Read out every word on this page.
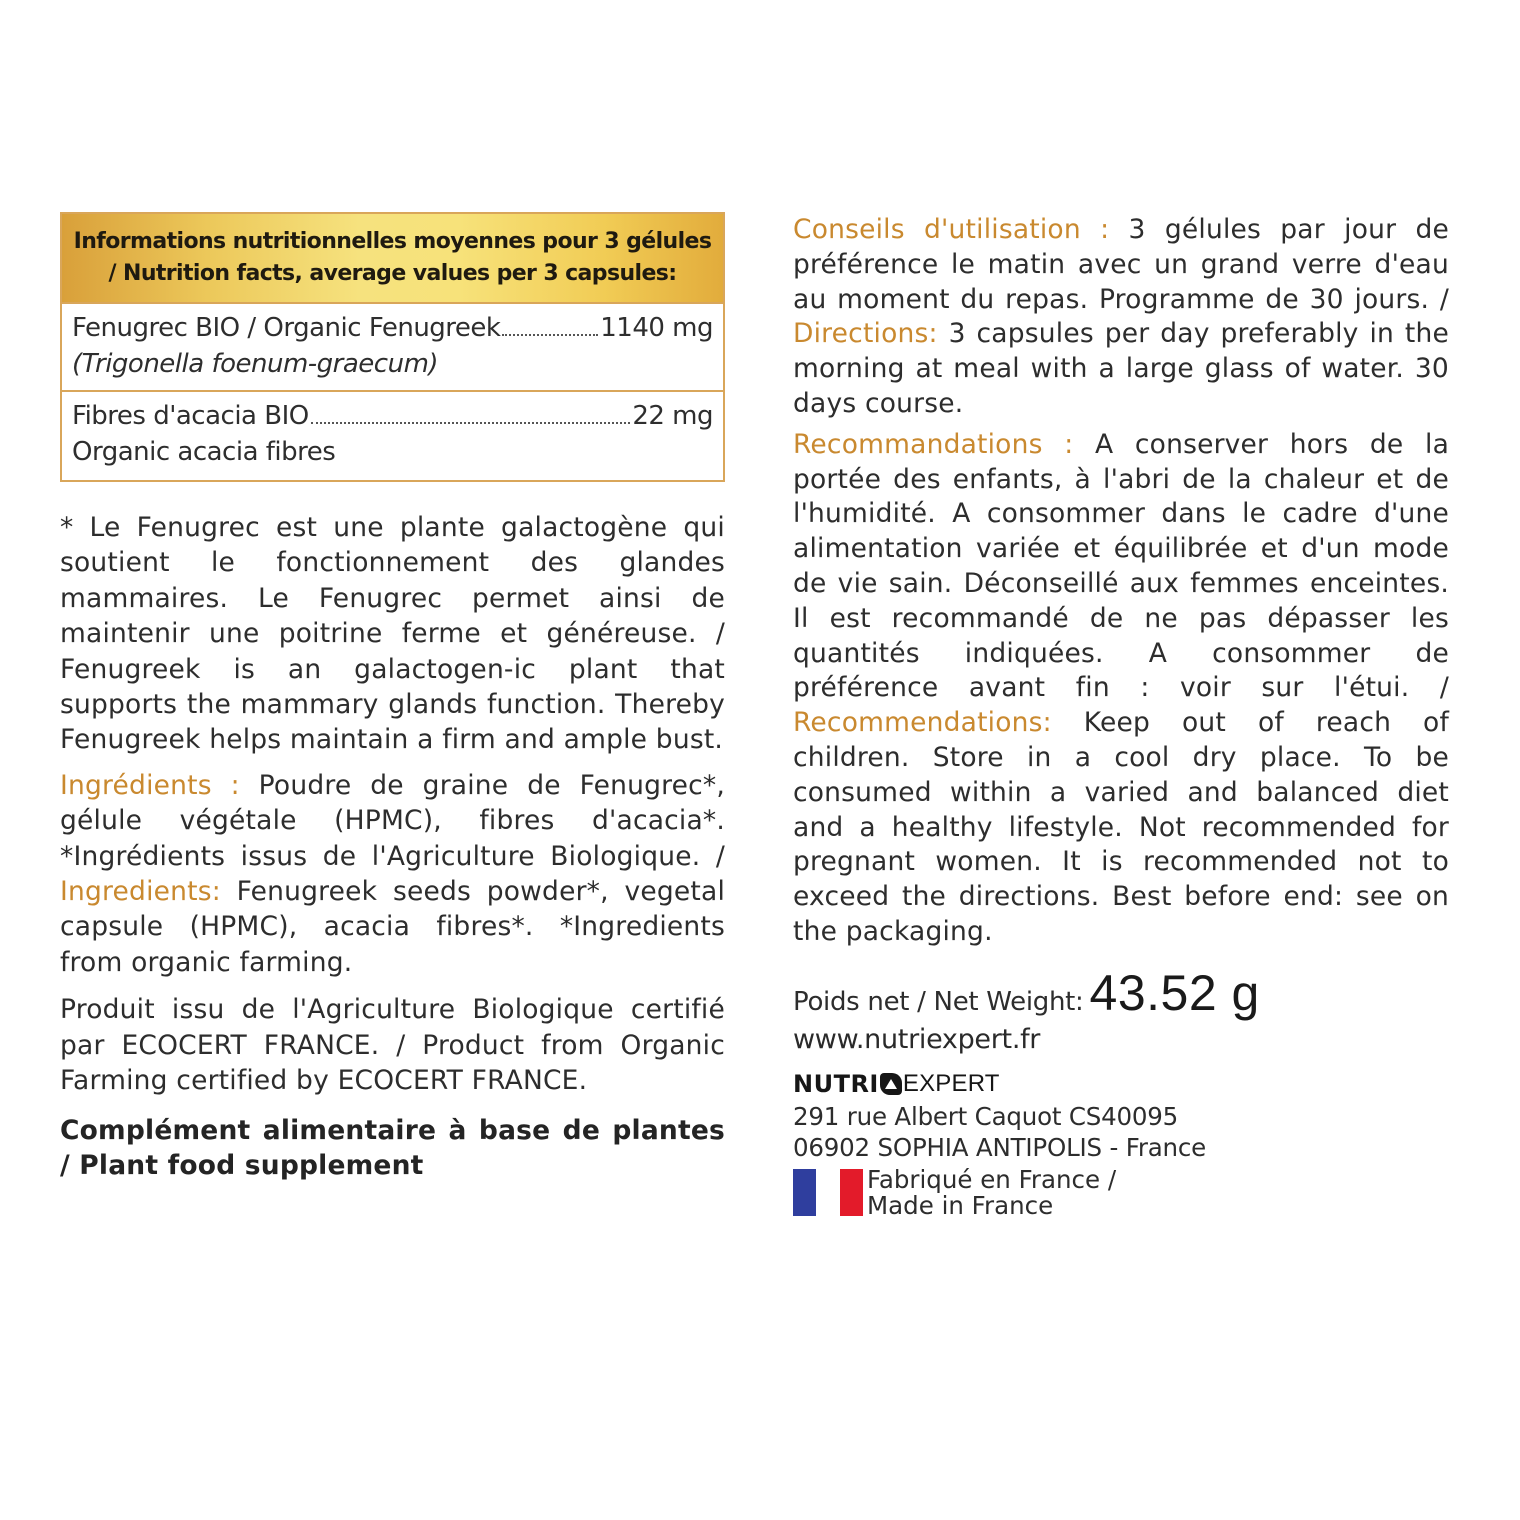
Informations nutritionnelles moyennes pour 3 gélules
/ Nutrition facts, average values per 3 capsules:
Fenugrec BIO / Organic Fenugreek	1140 mg
(Trigonella foenum-graecum)
Fibres d'acacia BIO	22 mg
Organic acacia fibres

* Le Fenugrec est une plante galactogène qui soutient le fonctionnement des glandes mammaires. Le Fenugrec permet ainsi de maintenir une poitrine ferme et généreuse. / Fenugreek is an galactogen-ic plant that supports the mammary glands function. Thereby Fenugreek helps maintain a firm and ample bust.

Ingrédients : Poudre de graine de Fenugrec*, gélule végétale (HPMC), fibres d'acacia*. *Ingrédients issus de l'Agriculture Biologique. / Ingredients: Fenugreek seeds powder*, vegetal capsule (HPMC), acacia fibres*. *Ingredients from organic farming.

Produit issu de l'Agriculture Biologique certifié par ECOCERT FRANCE. / Product from Organic Farming certified by ECOCERT FRANCE.

Complément alimentaire à base de plantes / Plant food supplement

Conseils d'utilisation : 3 gélules par jour de préférence le matin avec un grand verre d'eau au moment du repas. Programme de 30 jours. / Directions: 3 capsules per day preferably in the morning at meal with a large glass of water. 30 days course.

Recommandations : A conserver hors de la portée des enfants, à l'abri de la chaleur et de l'humidité. A consommer dans le cadre d'une alimentation variée et équilibrée et d'un mode de vie sain. Déconseillé aux femmes enceintes. Il est recommandé de ne pas dépasser les quantités indiquées. A consommer de préférence avant fin : voir sur l'étui. / Recommendations: Keep out of reach of children. Store in a cool dry place. To be consumed within a varied and balanced diet and a healthy lifestyle. Not recommended for pregnant women. It is recommended not to exceed the directions. Best before end: see on the packaging.

Poids net / Net Weight: 43.52 g
www.nutriexpert.fr
NUTRI EXPERT
291 rue Albert Caquot CS40095
06902 SOPHIA ANTIPOLIS - France
Fabriqué en France /
Made in France
